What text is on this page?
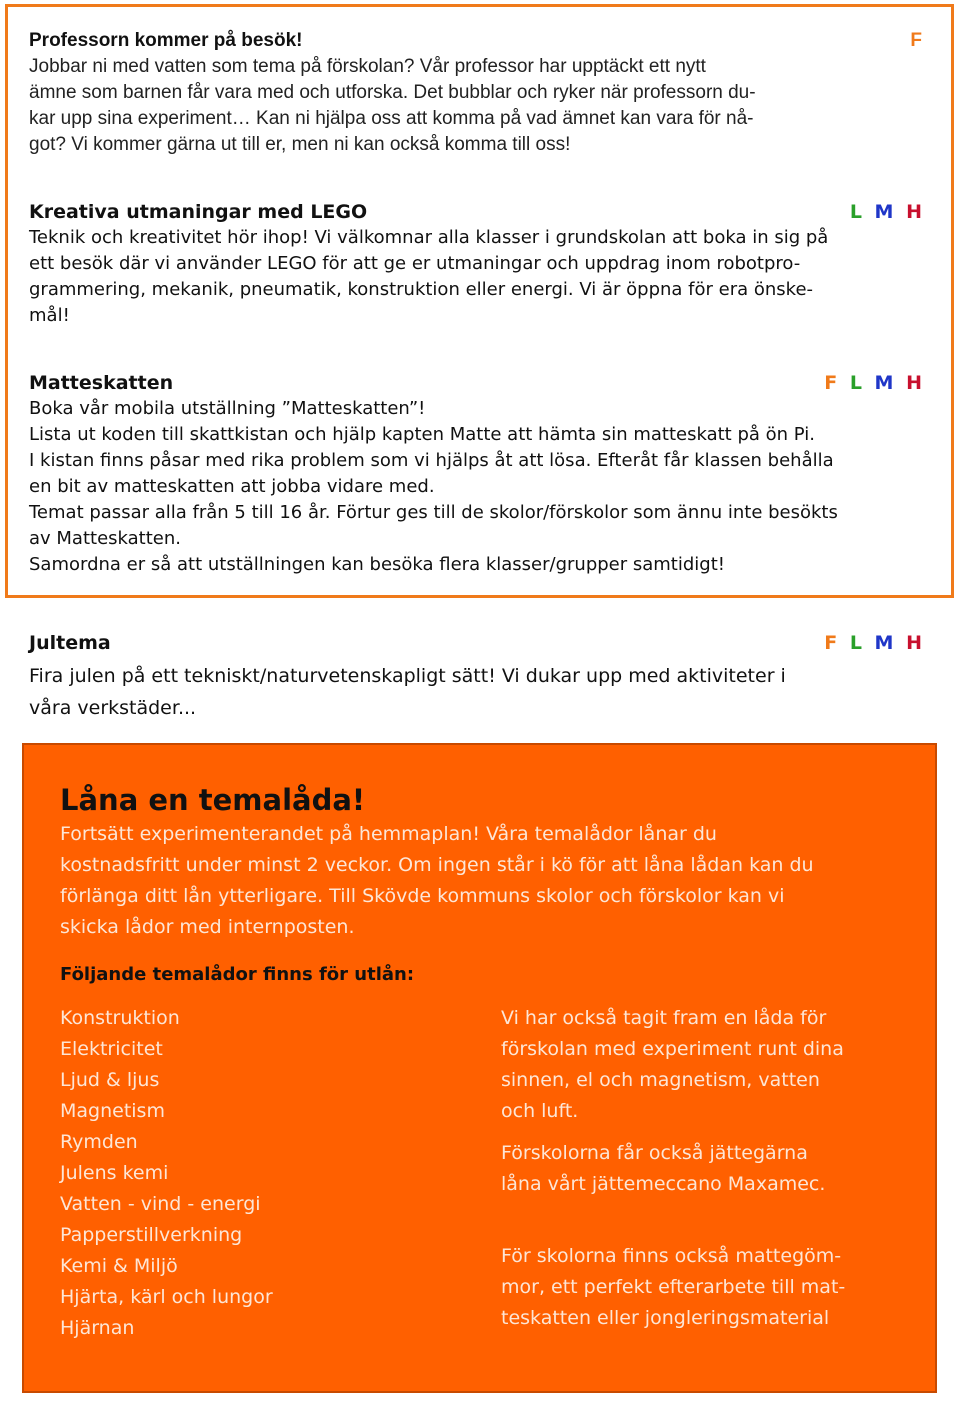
Professorn kommer på besök!	F

Jobbar ni med vatten som tema på förskolan? Vår professor har upptäckt ett nytt
ämne som barnen får vara med och utforska. Det bubblar och ryker när professorn du-
kar upp sina experiment… Kan ni hjälpa oss att komma på vad ämnet kan vara för nå-
got? Vi kommer gärna ut till er, men ni kan också komma till oss!

Kreativa utmaningar med LEGO	L M H

Teknik och kreativitet hör ihop! Vi välkomnar alla klasser i grundskolan att boka in sig på
ett besök där vi använder LEGO för att ge er utmaningar och uppdrag inom robotpro-
grammering, mekanik, pneumatik, konstruktion eller energi. Vi är öppna för era önske-
mål!

Matteskatten	F L M H

Boka vår mobila utställning ”Matteskatten”!
Lista ut koden till skattkistan och hjälp kapten Matte att hämta sin matteskatt på ön Pi.
I kistan finns påsar med rika problem som vi hjälps åt att lösa. Efteråt får klassen behålla
en bit av matteskatten att jobba vidare med.
Temat passar alla från 5 till 16 år. Förtur ges till de skolor/förskolor som ännu inte besökts
av Matteskatten.
Samordna er så att utställningen kan besöka flera klasser/grupper samtidigt!

Jultema	F L M H

Fira julen på ett tekniskt/naturvetenskapligt sätt! Vi dukar upp med aktiviteter i
våra verkstäder...

Låna en temalåda!

Fortsätt experimenterandet på hemmaplan! Våra temalådor lånar du
kostnadsfritt under minst 2 veckor. Om ingen står i kö för att låna lådan kan du
förlänga ditt lån ytterligare. Till Skövde kommuns skolor och förskolor kan vi
skicka lådor med internposten.

Följande temalådor finns för utlån:
Konstruktion
Elektricitet
Ljud & ljus
Magnetism
Rymden
Julens kemi
Vatten - vind - energi
Papperstillverkning
Kemi & Miljö
Hjärta, kärl och lungor
Hjärnan

Vi har också tagit fram en låda för
förskolan med experiment runt dina
sinnen, el och magnetism, vatten
och luft.

Förskolorna får också jättegärna
låna vårt jättemeccano Maxamec.

För skolorna finns också mattegöm-
mor, ett perfekt efterarbete till mat-
teskatten eller jongleringsmaterial
